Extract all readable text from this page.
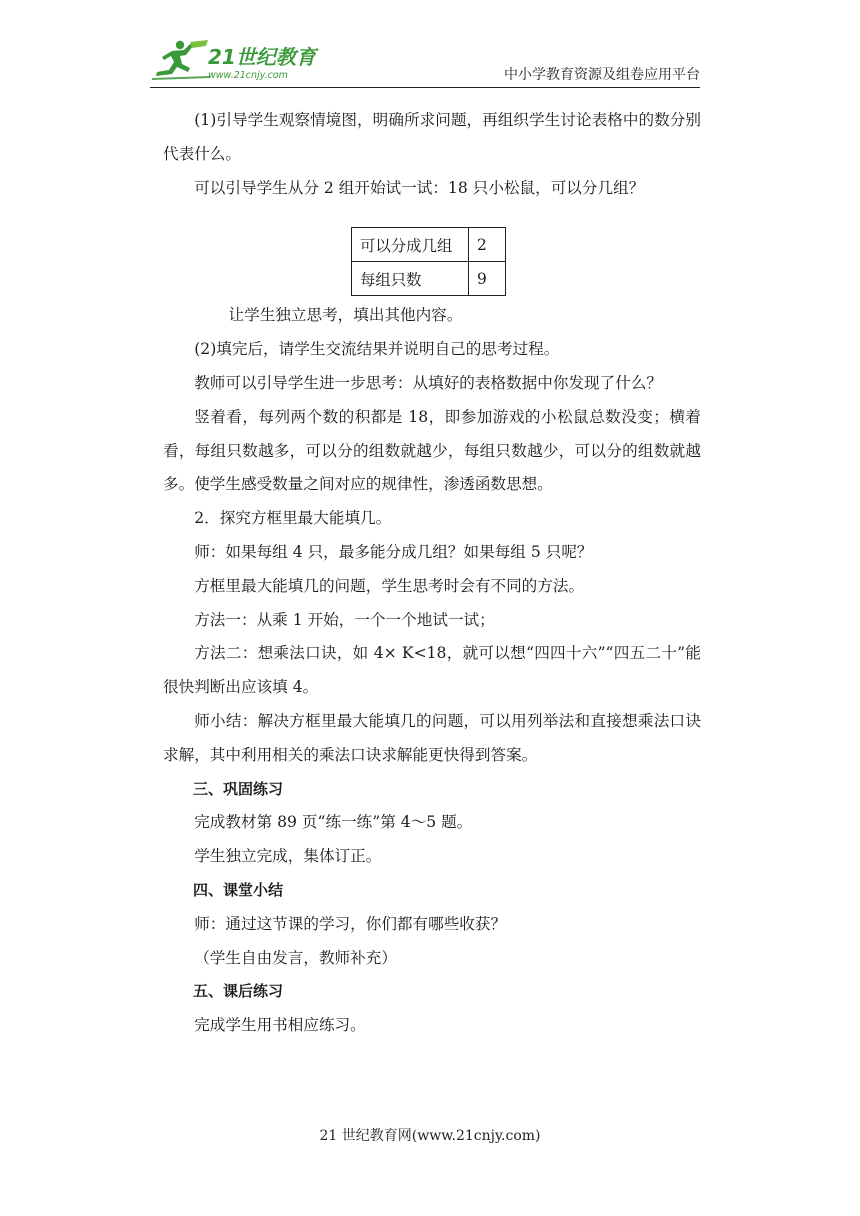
21世纪教育
www.21cnjy.com	中小学教育资源及组卷应用平台

(1)引导学生观察情境图，明确所求问题，再组织学生讨论表格中的数分别代表什么。

可以引导学生从分 2 组开始试一试：18 只小松鼠，可以分几组？

可以分成几组	2
每组只数	9

让学生独立思考，填出其他内容。

(2)填完后，请学生交流结果并说明自己的思考过程。

教师可以引导学生进一步思考：从填好的表格数据中你发现了什么？

竖着看，每列两个数的积都是 18，即参加游戏的小松鼠总数没变；横着看，每组只数越多，可以分的组数就越少，每组只数越少，可以分的组数就越多。使学生感受数量之间对应的规律性，渗透函数思想。

2．探究方框里最大能填几。

师：如果每组 4 只，最多能分成几组？如果每组 5 只呢？

方框里最大能填几的问题，学生思考时会有不同的方法。

方法一：从乘 1 开始，一个一个地试一试；

方法二：想乘法口诀，如 4× K<18，就可以想“四四十六”“四五二十”能很快判断出应该填 4。

师小结：解决方框里最大能填几的问题，可以用列举法和直接想乘法口诀求解，其中利用相关的乘法口诀求解能更快得到答案。

三、巩固练习

完成教材第 89 页“练一练”第 4～5 题。

学生独立完成，集体订正。

四、课堂小结

师：通过这节课的学习，你们都有哪些收获？

（学生自由发言，教师补充）

五、课后练习

完成学生用书相应练习。

21 世纪教育网(www.21cnjy.com)
